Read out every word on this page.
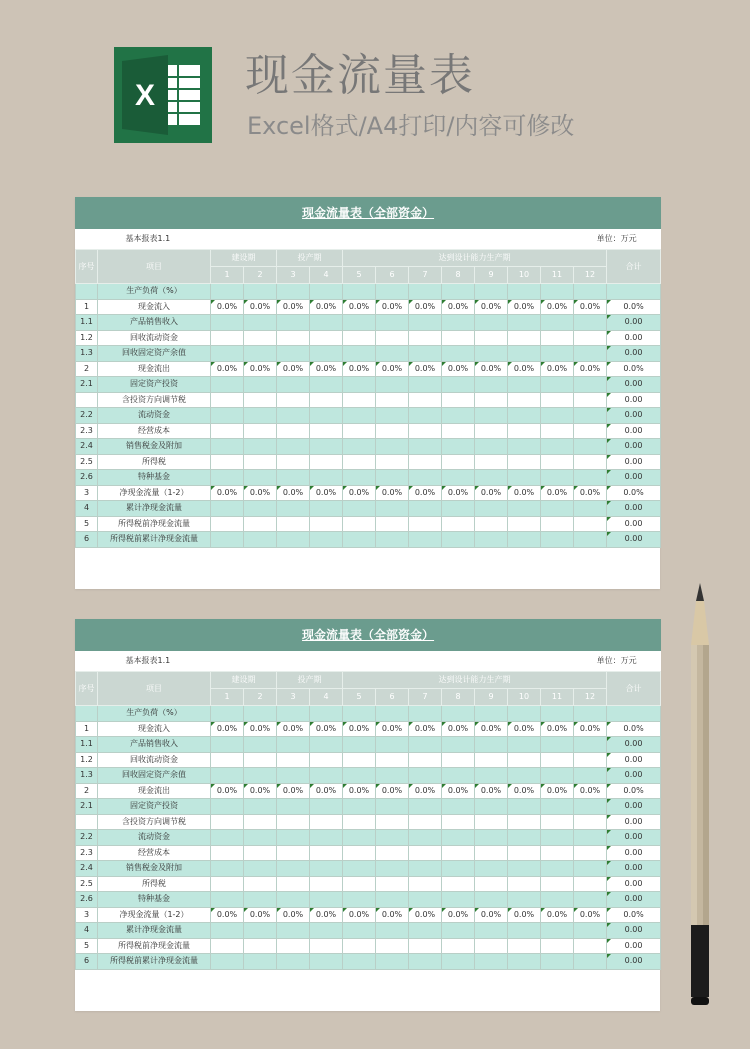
X 现金流量表
Excel格式/A4打印/内容可修改
现金流量表（全部资金）														
基本报表1.1									单位：万元					
序号	项目	建设期		投产期		达到设计能力生产期								合计
		1	2	3	4	5	6	7	8	9	10	11	12	
	生产负荷（%）													
1	现金流入	0.0%	0.0%	0.0%	0.0%	0.0%	0.0%	0.0%	0.0%	0.0%	0.0%	0.0%	0.0%	0.0%
1.1	产品销售收入													0.00
1.2	回收流动资金													0.00
1.3	回收固定资产余值													0.00
2	现金流出	0.0%	0.0%	0.0%	0.0%	0.0%	0.0%	0.0%	0.0%	0.0%	0.0%	0.0%	0.0%	0.0%
2.1	固定资产投资													0.00
	含投资方向调节税													0.00
2.2	流动资金													0.00
2.3	经营成本													0.00
2.4	销售税金及附加													0.00
2.5	所得税													0.00
2.6	特种基金													0.00
3	净现金流量（1-2）	0.0%	0.0%	0.0%	0.0%	0.0%	0.0%	0.0%	0.0%	0.0%	0.0%	0.0%	0.0%	0.0%
4	累计净现金流量													0.00
5	所得税前净现金流量													0.00
6	所得税前累计净现金流量													0.00
现金流量表（全部资金）														
基本报表1.1									单位：万元					
序号	项目	建设期		投产期		达到设计能力生产期								合计
		1	2	3	4	5	6	7	8	9	10	11	12	
	生产负荷（%）													
1	现金流入	0.0%	0.0%	0.0%	0.0%	0.0%	0.0%	0.0%	0.0%	0.0%	0.0%	0.0%	0.0%	0.0%
1.1	产品销售收入													0.00
1.2	回收流动资金													0.00
1.3	回收固定资产余值													0.00
2	现金流出	0.0%	0.0%	0.0%	0.0%	0.0%	0.0%	0.0%	0.0%	0.0%	0.0%	0.0%	0.0%	0.0%
2.1	固定资产投资													0.00
	含投资方向调节税													0.00
2.2	流动资金													0.00
2.3	经营成本													0.00
2.4	销售税金及附加													0.00
2.5	所得税													0.00
2.6	特种基金													0.00
3	净现金流量（1-2）	0.0%	0.0%	0.0%	0.0%	0.0%	0.0%	0.0%	0.0%	0.0%	0.0%	0.0%	0.0%	0.0%
4	累计净现金流量													0.00
5	所得税前净现金流量													0.00
6	所得税前累计净现金流量													0.00
